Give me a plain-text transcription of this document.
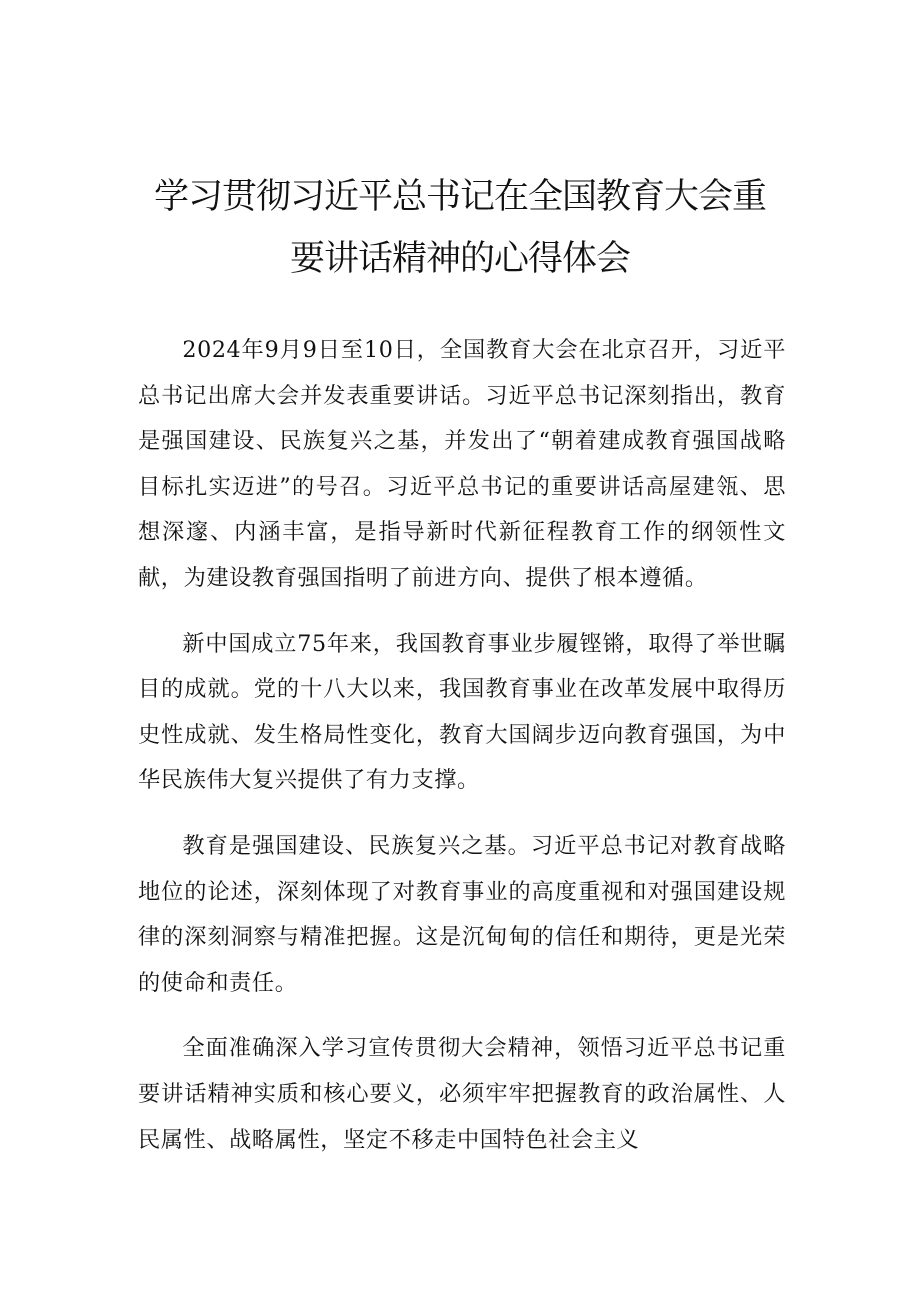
学习贯彻习近平总书记在全国教育大会重
要讲话精神的心得体会

2024年9月9日至10日，全国教育大会在北京召开，习近平总书记出席大会并发表重要讲话。习近平总书记深刻指出，教育是强国建设、民族复兴之基，并发出了“朝着建成教育强国战略目标扎实迈进”的号召。习近平总书记的重要讲话高屋建瓴、思想深邃、内涵丰富，是指导新时代新征程教育工作的纲领性文献，为建设教育强国指明了前进方向、提供了根本遵循。

新中国成立75年来，我国教育事业步履铿锵，取得了举世瞩目的成就。党的十八大以来，我国教育事业在改革发展中取得历史性成就、发生格局性变化，教育大国阔步迈向教育强国，为中华民族伟大复兴提供了有力支撑。

教育是强国建设、民族复兴之基。习近平总书记对教育战略地位的论述，深刻体现了对教育事业的高度重视和对强国建设规律的深刻洞察与精准把握。这是沉甸甸的信任和期待，更是光荣的使命和责任。

全面准确深入学习宣传贯彻大会精神，领悟习近平总书记重要讲话精神实质和核心要义，必须牢牢把握教育的政治属性、人民属性、战略属性，坚定不移走中国特色社会主义
